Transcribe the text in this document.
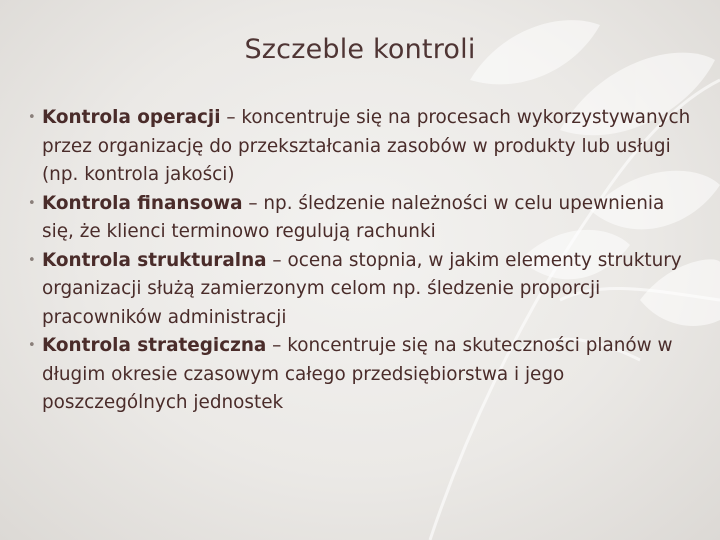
Szczeble kontroli

• Kontrola operacji – koncentruje się na procesach wykorzystywanych przez organizację do przekształcania zasobów w produkty lub usługi (np. kontrola jakości)

• Kontrola finansowa – np. śledzenie należności w celu upewnienia się, że klienci terminowo regulują rachunki

• Kontrola strukturalna – ocena stopnia, w jakim elementy struktury organizacji służą zamierzonym celom np. śledzenie proporcji pracowników administracji

• Kontrola strategiczna – koncentruje się na skuteczności planów w długim okresie czasowym całego przedsiębiorstwa i jego poszczególnych jednostek
